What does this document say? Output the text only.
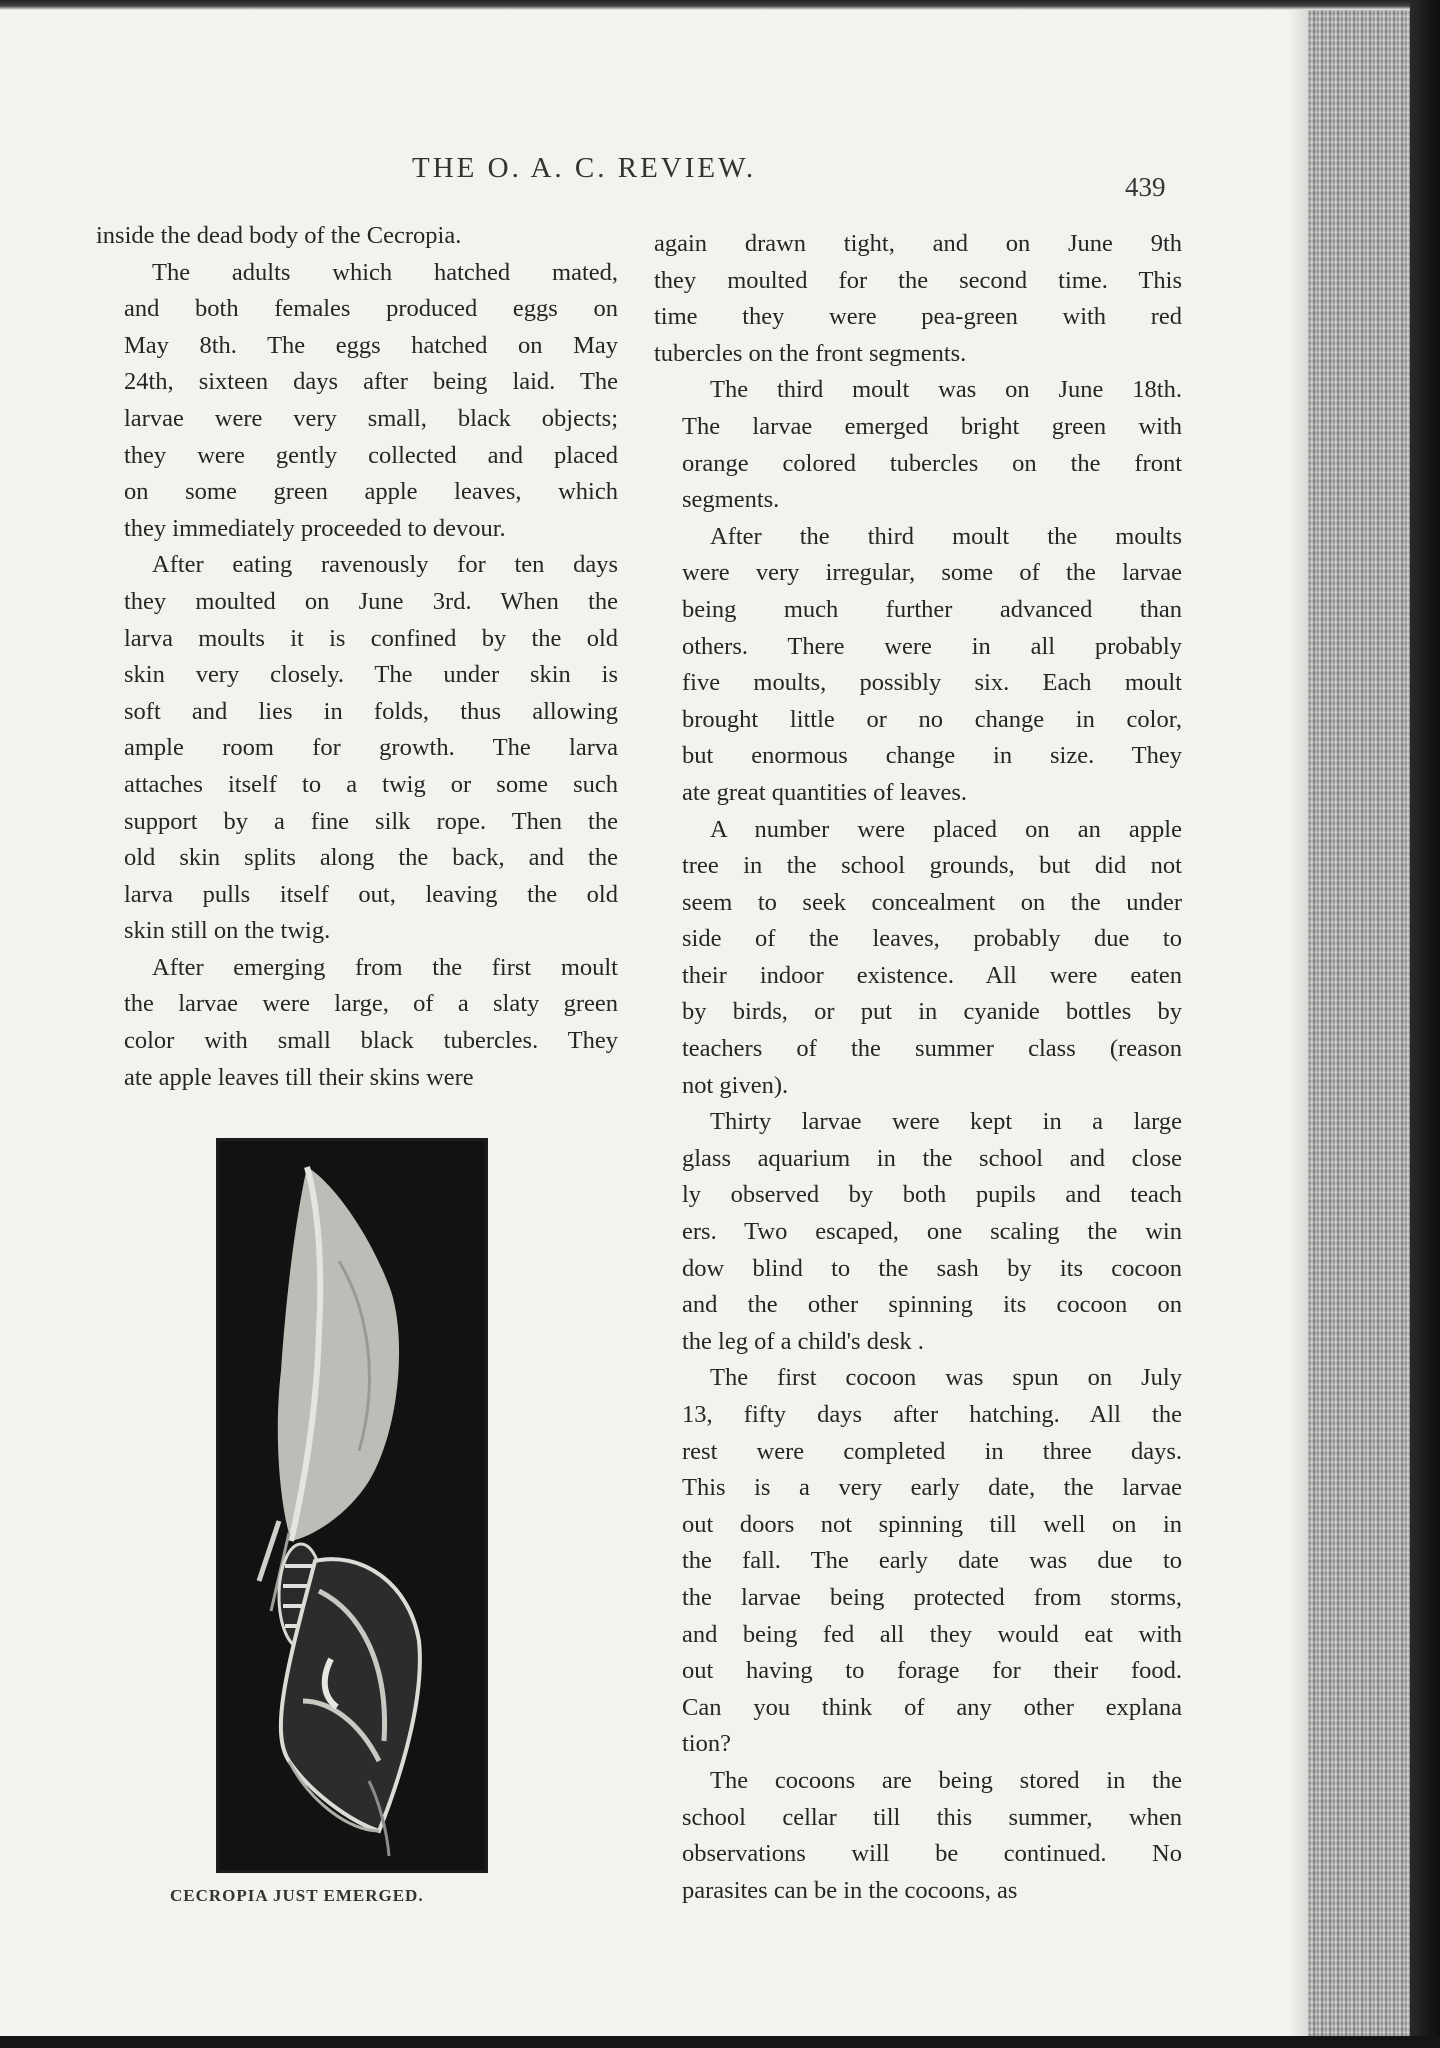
THE O. A. C. REVIEW.
439
inside the dead body of the Cecropia.
The adults which hatched mated,
and both females produced eggs on
May 8th. The eggs hatched on May
24th, sixteen days after being laid. The
larvae were very small, black objects;
they were gently collected and placed
on some green apple leaves, which
they immediately proceeded to devour.
After eating ravenously for ten days
they moulted on June 3rd. When the
larva moults it is confined by the old
skin very closely. The under skin is
soft and lies in folds, thus allowing
ample room for growth. The larva
attaches itself to a twig or some such
support by a fine silk rope. Then the
old skin splits along the back, and the
larva pulls itself out, leaving the old
skin still on the twig.
After emerging from the first moult
the larvae were large, of a slaty green
color with small black tubercles. They
ate apple leaves till their skins were
again drawn tight, and on June 9th
they moulted for the second time. This
time they were pea-green with red
tubercles on the front segments.
The third moult was on June 18th.
The larvae emerged bright green with
orange colored tubercles on the front
segments.
After the third moult the moults
were very irregular, some of the larvae
being much further advanced than
others. There were in all probably
five moults, possibly six. Each moult
brought little or no change in color,
but enormous change in size. They
ate great quantities of leaves.
A number were placed on an apple
tree in the school grounds, but did not
seem to seek concealment on the under
side of the leaves, probably due to
their indoor existence. All were eaten
by birds, or put in cyanide bottles by
teachers of the summer class (reason
not given).
Thirty larvae were kept in a large
glass aquarium in the school and close
ly observed by both pupils and teach
ers. Two escaped, one scaling the win
dow blind to the sash by its cocoon
and the other spinning its cocoon on
the leg of a child's desk .
The first cocoon was spun on July
13, fifty days after hatching. All the
rest were completed in three days.
This is a very early date, the larvae
out doors not spinning till well on in
the fall. The early date was due to
the larvae being protected from storms,
and being fed all they would eat with
out having to forage for their food.
Can you think of any other explana
tion?
The cocoons are being stored in the
school cellar till this summer, when
observations will be continued. No
parasites can be in the cocoons, as
CECROPIA JUST EMERGED.
